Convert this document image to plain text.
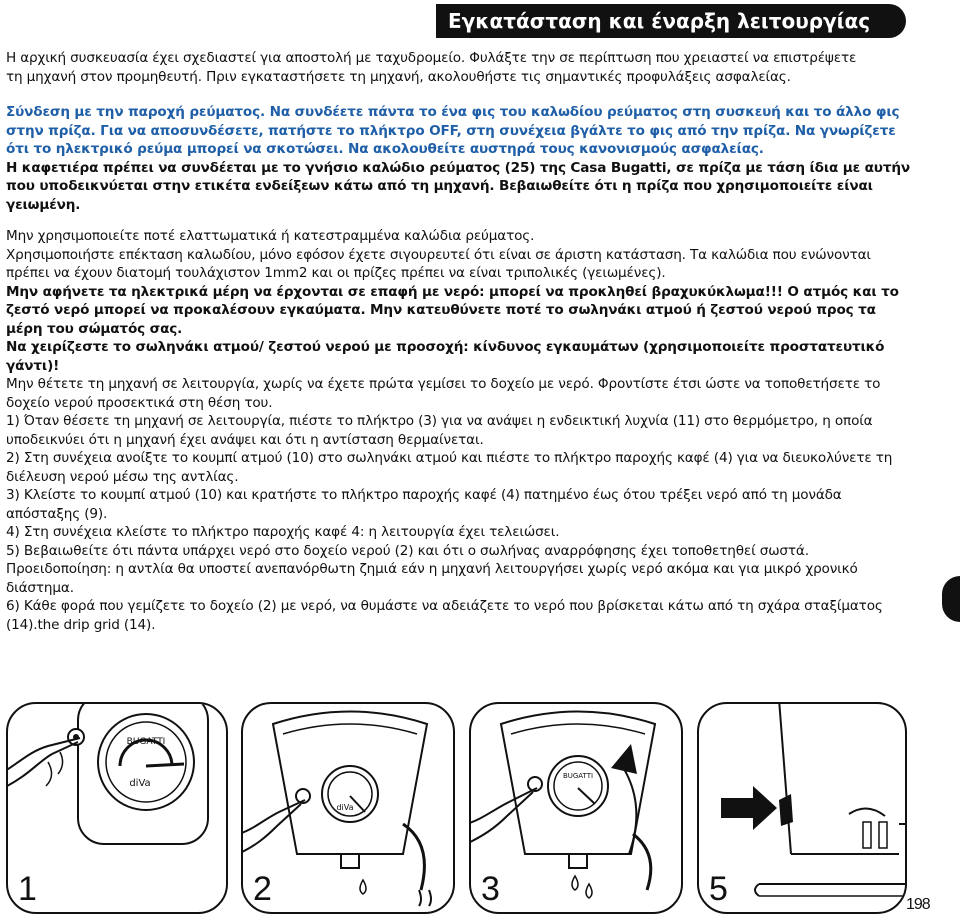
Εγκατάσταση και έναρξη λειτουργίας

Η αρχική συσκευασία έχει σχεδιαστεί για αποστολή με ταχυδρομείο. Φυλάξτε την σε περίπτωση που χρειαστεί να επιστρέψετε

τη μηχανή στον προμηθευτή. Πριν εγκαταστήσετε τη μηχανή, ακολουθήστε τις σημαντικές προφυλάξεις ασφαλείας.

Σύνδεση με την παροχή ρεύματος. Να συνδέετε πάντα το ένα φις του καλωδίου ρεύματος στη συσκευή και το άλλο φις στην πρίζα. Για να αποσυνδέσετε, πατήστε το πλήκτρο OFF, στη συνέχεια βγάλτε το φις από την πρίζα. Να γνωρίζετε ότι το ηλεκτρικό ρεύμα μπορεί να σκοτώσει. Να ακολουθείτε αυστηρά τους κανονισμούς ασφαλείας.

Η καφετιέρα πρέπει να συνδέεται με το γνήσιο καλώδιο ρεύματος (25) της Casa Bugatti, σε πρίζα με τάση ίδια με αυτήν που υποδεικνύεται στην ετικέτα ενδείξεων κάτω από τη μηχανή. Βεβαιωθείτε ότι η πρίζα που χρησιμοποιείτε είναι γειωμένη.

Μην χρησιμοποιείτε ποτέ ελαττωματικά ή κατεστραμμένα καλώδια ρεύματος.

Χρησιμοποιήστε επέκταση καλωδίου, μόνο εφόσον έχετε σιγουρευτεί ότι είναι σε άριστη κατάσταση. Τα καλώδια που ενώνονται πρέπει να έχουν διατομή τουλάχιστον 1mm2 και οι πρίζες πρέπει να είναι τριπολικές (γειωμένες).

Μην αφήνετε τα ηλεκτρικά μέρη να έρχονται σε επαφή με νερό: μπορεί να προκληθεί βραχυκύκλωμα!!! Ο ατμός και το ζεστό νερό μπορεί να προκαλέσουν εγκαύματα. Μην κατευθύνετε ποτέ το σωληνάκι ατμού ή ζεστού νερού προς τα μέρη του σώματός σας.

Να χειρίζεστε το σωληνάκι ατμού/ ζεστού νερού με προσοχή: κίνδυνος εγκαυμάτων (χρησιμοποιείτε προστατευτικό γάντι)!

Μην θέτετε τη μηχανή σε λειτουργία, χωρίς να έχετε πρώτα γεμίσει το δοχείο με νερό. Φροντίστε έτσι ώστε να τοποθετήσετε το δοχείο νερού προσεκτικά στη θέση του.

1) Όταν θέσετε τη μηχανή σε λειτουργία, πιέστε το πλήκτρο (3) για να ανάψει η ενδεικτική λυχνία (11) στο θερμόμετρο, η οποία υποδεικνύει ότι η μηχανή έχει ανάψει και ότι η αντίσταση θερμαίνεται.

2) Στη συνέχεια ανοίξτε το κουμπί ατμού (10) στο σωληνάκι ατμού και πιέστε το πλήκτρο παροχής καφέ (4) για να διευκολύνετε τη διέλευση νερού μέσω της αντλίας.

3) Κλείστε το κουμπί ατμού (10) και κρατήστε το πλήκτρο παροχής καφέ (4) πατημένο έως ότου τρέξει νερό από τη μονάδα απόσταξης (9).

4) Στη συνέχεια κλείστε το πλήκτρο παροχής καφέ 4: η λειτουργία έχει τελειώσει.

5) Βεβαιωθείτε ότι πάντα υπάρχει νερό στο δοχείο νερού (2) και ότι ο σωλήνας αναρρόφησης έχει τοποθετηθεί σωστά.

Προειδοποίηση: η αντλία θα υποστεί ανεπανόρθωτη ζημιά εάν η μηχανή λειτουργήσει χωρίς νερό ακόμα και για μικρό χρονικό διάστημα.

6) Κάθε φορά που γεμίζετε το δοχείο (2) με νερό, να θυμάστε να αδειάζετε το νερό που βρίσκεται κάτω από τη σχάρα σταξίματος (14).the drip grid (14).

BUGATTI
diVa
1
diVa
2
BUGATTI
3	5	198
